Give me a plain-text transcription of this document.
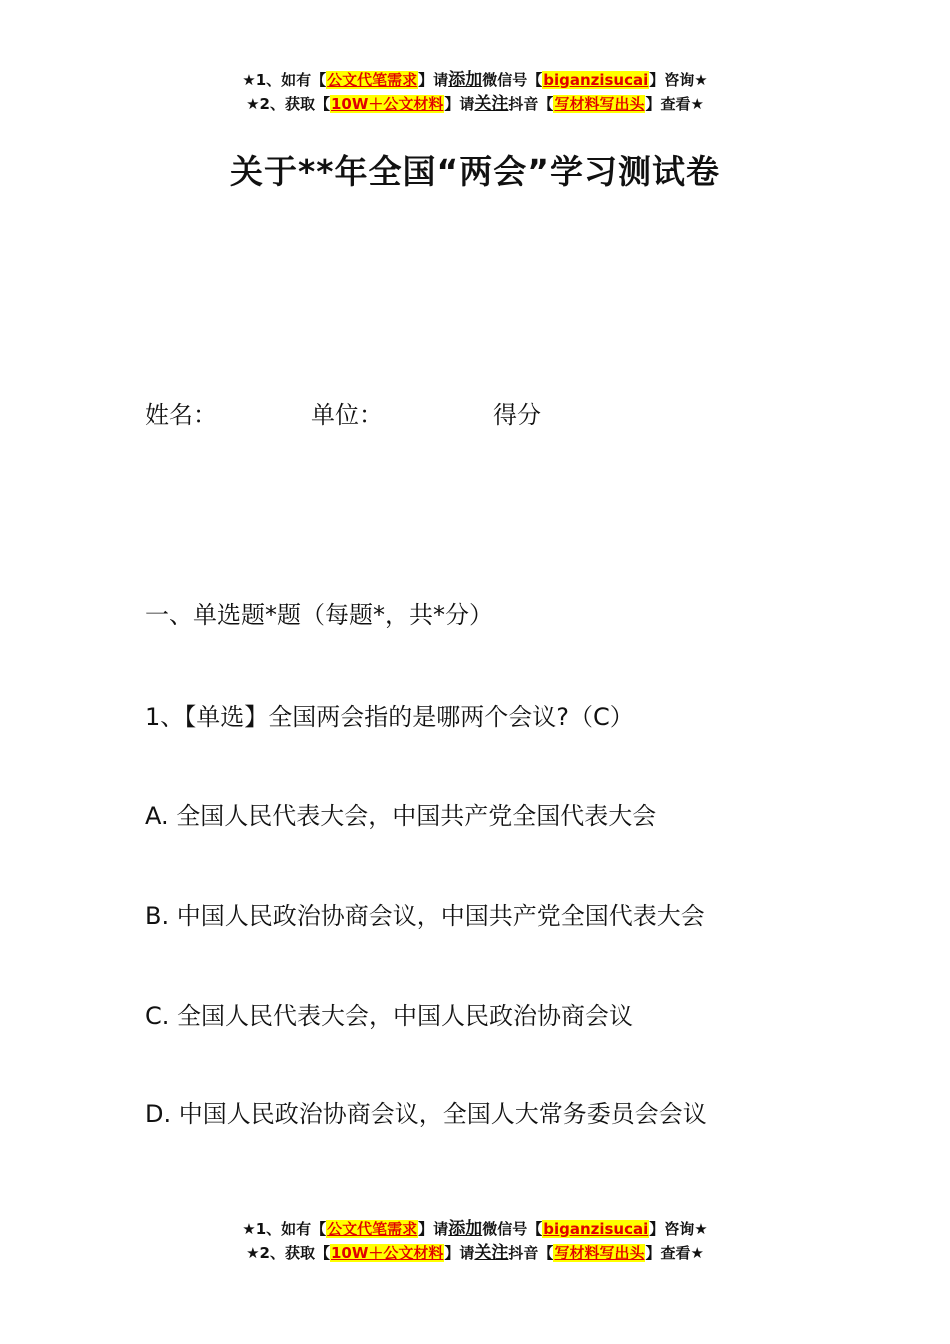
★1、如有【公文代笔需求】请添加微信号【biganzisucai】咨询★
★2、获取【10W＋公文材料】请关注抖音【写材料写出头】查看★
关于**年全国“两会”学习测试卷
姓名：	单位：	得分
一、单选题*题（每题*，共*分）
1、【单选】全国两会指的是哪两个会议?（C）
A. 全国人民代表大会，中国共产党全国代表大会
B. 中国人民政治协商会议，中国共产党全国代表大会
C. 全国人民代表大会，中国人民政治协商会议
D. 中国人民政治协商会议，全国人大常务委员会会议
★1、如有【公文代笔需求】请添加微信号【biganzisucai】咨询★
★2、获取【10W＋公文材料】请关注抖音【写材料写出头】查看★
